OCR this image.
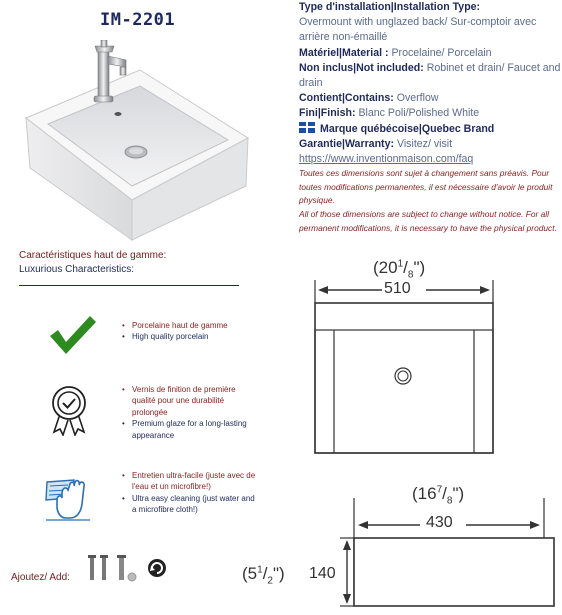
IM-2201
Type d'installation|Installation Type:
Overmount with unglazed back/ Sur-comptoir avec arrière non-émaillé
Matériel|Material : Procelaine/ Porcelain
Non inclus|Not included: Robinet et drain/ Faucet and drain
Contient|Contains: Overflow
Fini|Finish: Blanc Poli/Polished White
Marque québécoise|Quebec Brand
Garantie|Warranty: Visitez/ visit
https://www.inventionmaison.com/faq
Toutes ces dimensions sont sujet à changement sans préavis. Pour toutes modifications permanentes, il est nécessaire d'avoir le produit physique.
All of those dimensions are subject to change without notice. For all permanent modifications, it is necessary to have the physical product.
Caractéristiques haut de gamme:
Luxurious Characteristics:
• Porcelaine haut de gamme
• High quality porcelain
• Vernis de finition de première qualité pour une durabilité prolongée
• Premium glaze for a long-lasting appearance
• Entretien ultra-facile (juste avec de l'eau et un microfibre!)
• Ultra easy cleaning (just water and a microfibre cloth!)
Ajoutez/ Add:
$(20^1/_8")$
510
$(16^7/_8")$
430
$(5^1/_2")$ 140
